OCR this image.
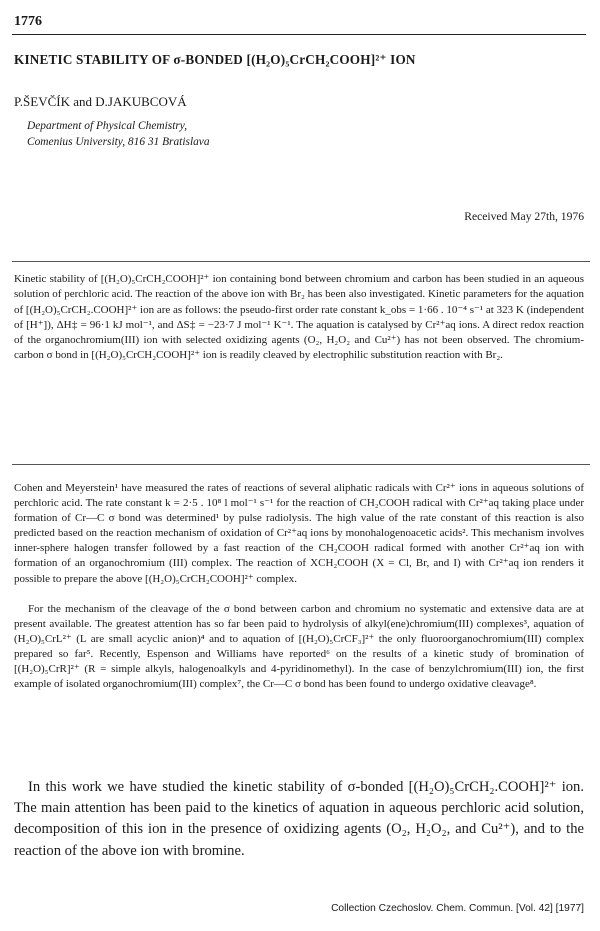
1776
KINETIC STABILITY OF σ-BONDED [(H₂O)₅CrCH₂COOH]²⁺ ION
P.ŠEVČÍK and D.JAKUBCOVÁ
Department of Physical Chemistry,
Comenius University, 816 31 Bratislava
Received May 27th, 1976

Kinetic stability of [(H₂O)₅CrCH₂COOH]²⁺ ion containing bond between chromium and carbon has been studied in an aqueous solution of perchloric acid. The reaction of the above ion with Br₂ has been also investigated. Kinetic parameters for the aquation of [(H₂O)₅CrCH₂.COOH]²⁺ ion are as follows: the pseudo-first order rate constant k_obs = 1·66 . 10⁻⁴ s⁻¹ at 323 K (independent of [H⁺]), ΔH‡ = 96·1 kJ mol⁻¹, and ΔS‡ = −23·7 J mol⁻¹ K⁻¹. The aquation is catalysed by Cr²⁺aq ions. A direct redox reaction of the organochromium(III) ion with selected oxidizing agents (O₂, H₂O₂ and Cu²⁺) has not been observed. The chromium-carbon σ bond in [(H₂O)₅CrCH₂COOH]²⁺ ion is readily cleaved by electrophilic substitution reaction with Br₂.

Cohen and Meyerstein¹ have measured the rates of reactions of several aliphatic radicals with Cr²⁺ ions in aqueous solutions of perchloric acid. The rate constant k = 2·5 . 10⁸ l mol⁻¹ s⁻¹ for the reaction of CH₂COOH radical with Cr²⁺aq taking place under formation of Cr—C σ bond was determined¹ by pulse radiolysis. The high value of the rate constant of this reaction is also predicted based on the reaction mechanism of oxidation of Cr²⁺aq ions by monohalogenoacetic acids². This mechanism involves inner-sphere halogen transfer followed by a fast reaction of the CH₂COOH radical formed with another Cr²⁺aq ion with formation of an organochromium (III) complex. The reaction of XCH₂COOH (X = Cl, Br, and I) with Cr²⁺aq ion renders it possible to prepare the above [(H₂O)₅CrCH₂COOH]²⁺ complex.

For the mechanism of the cleavage of the σ bond between carbon and chromium no systematic and extensive data are at present available. The greatest attention has so far been paid to hydrolysis of alkyl(ene)chromium(III) complexes³, aquation of (H₂O)₅CrL²⁺ (L are small acyclic anion)⁴ and to aquation of [(H₂O)₅CrCF₃]²⁺ the only fluoroorganochromium(III) complex prepared so far⁵. Recently, Espenson and Williams have reported⁶ on the results of a kinetic study of bromination of [(H₂O)₅CrR]²⁺ (R = simple alkyls, halogenoalkyls and 4-pyridinomethyl). In the case of benzylchromium(III) ion, the first example of isolated organochromium(III) complex⁷, the Cr—C σ bond has been found to undergo oxidative cleavage⁸.

In this work we have studied the kinetic stability of σ-bonded [(H₂O)₅CrCH₂.COOH]²⁺ ion. The main attention has been paid to the kinetics of aquation in aqueous perchloric acid solution, decomposition of this ion in the presence of oxidizing agents (O₂, H₂O₂, and Cu²⁺), and to the reaction of the above ion with bromine.

Collection Czechoslov. Chem. Commun. [Vol. 42] [1977]
